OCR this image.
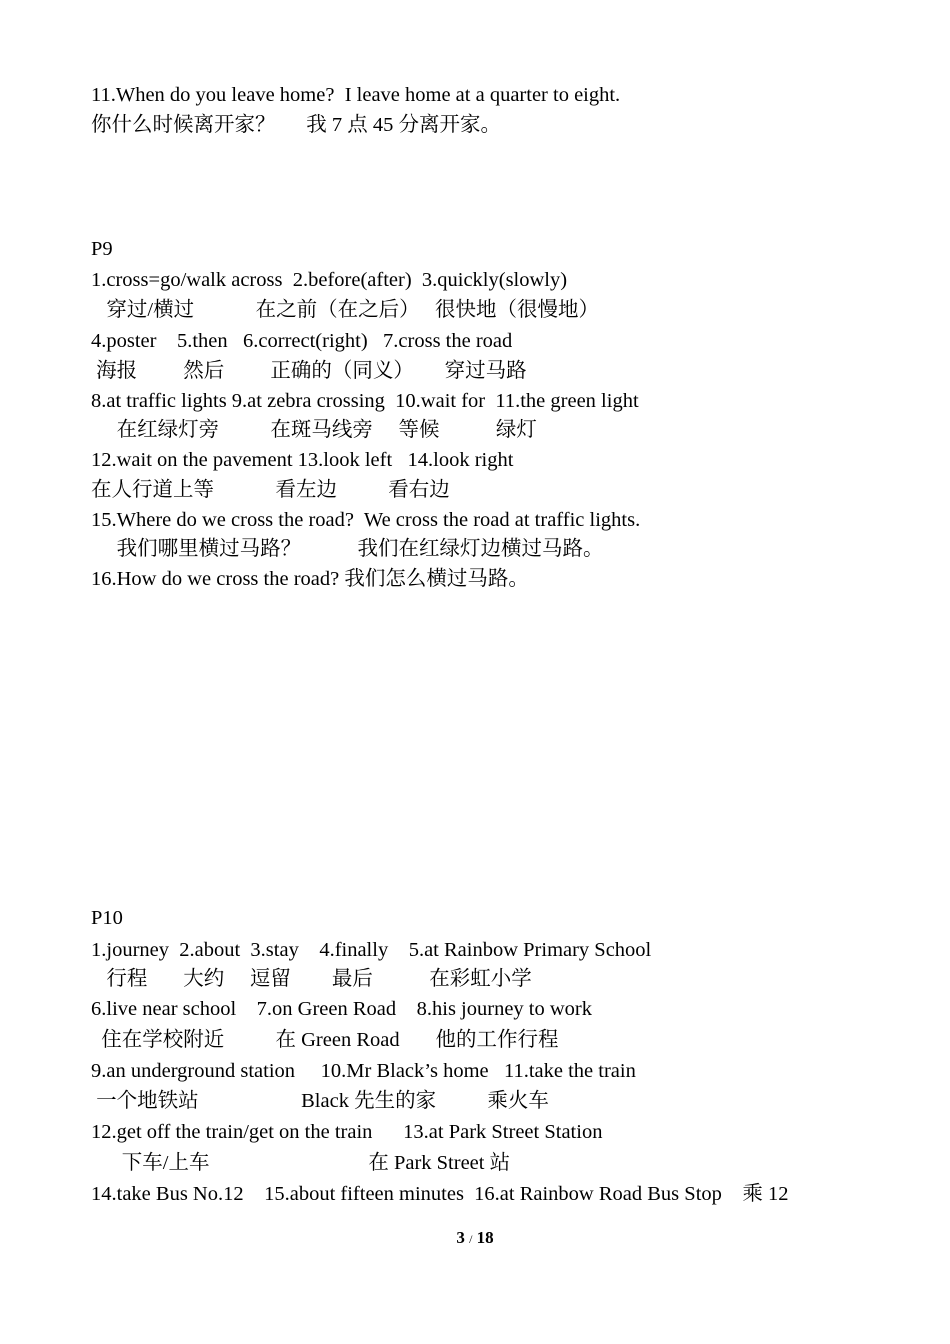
11.When do you leave home?  I leave home at a quarter to eight.
你什么时候离开家？      我 7 点 45 分离开家。
P9
1.cross=go/walk across  2.before(after)  3.quickly(slowly)
穿过/横过            在之前（在之后）   很快地（很慢地）
4.poster    5.then   6.correct(right)   7.cross the road
海报         然后         正确的（同义）      穿过马路
8.at traffic lights 9.at zebra crossing  10.wait for  11.the green light
在红绿灯旁          在斑马线旁     等候           绿灯
12.wait on the pavement 13.look left   14.look right
在人行道上等            看左边          看右边
15.Where do we cross the road?  We cross the road at traffic lights.
我们哪里横过马路？           我们在红绿灯边横过马路。
16.How do we cross the road? 我们怎么横过马路。
P10
1.journey  2.about  3.stay    4.finally    5.at Rainbow Primary School
行程       大约     逗留        最后           在彩虹小学
6.live near school    7.on Green Road    8.his journey to work
住在学校附近          在 Green Road       他的工作行程
9.an underground station     10.Mr Black’s home   11.take the train
一个地铁站                    Black 先生的家          乘火车
12.get off the train/get on the train      13.at Park Street Station
下车/上车                               在 Park Street 站
14.take Bus No.12    15.about fifteen minutes  16.at Rainbow Road Bus Stop    乘 12
3 / 18
